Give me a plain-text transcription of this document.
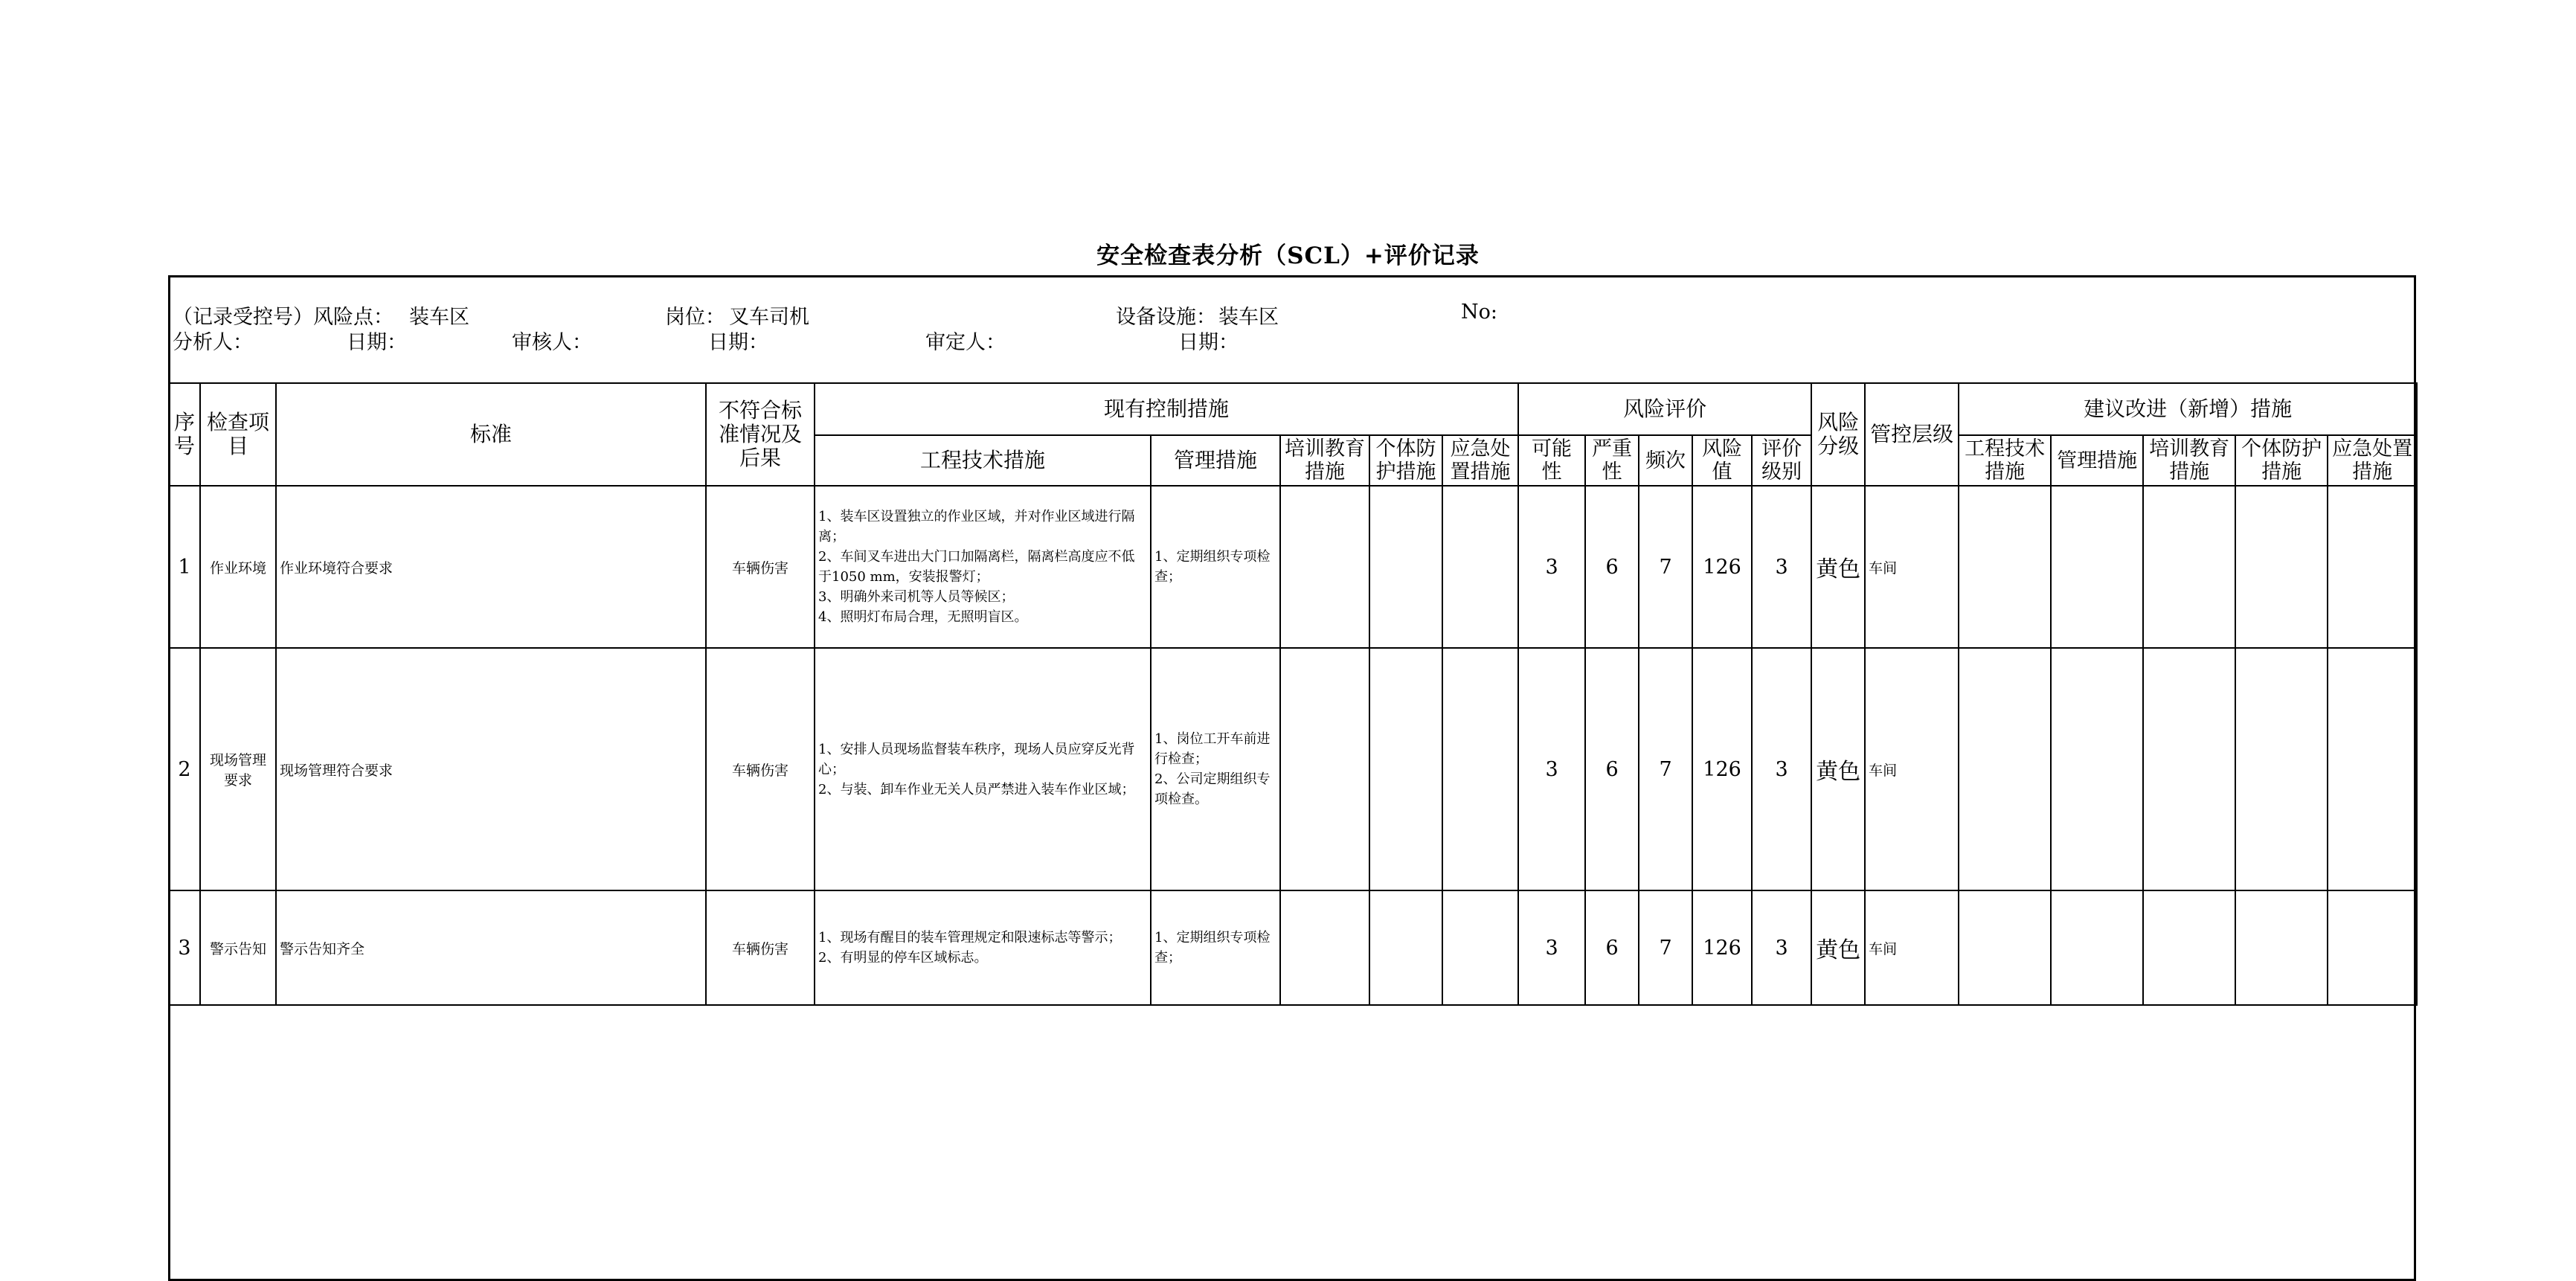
安全检查表分析（SCL）+评价记录
（记录受控号）风险点： 装车区	岗位： 叉车司机	设备设施： 装车区	No:
分析人：	日期：	审核人：	日期：	审定人：	日期：
序号	检查项目	标准	不符合标准情况及后果	现有控制措施					风险评价					风险分级	管控层级	建议改进（新增）措施				
				工程技术措施	管理措施	培训教育措施	个体防护措施	应急处置措施	可能性	严重性	频次	风险值	评价级别			工程技术措施	管理措施	培训教育措施	个体防护措施	应急处置措施
1	作业环境	作业环境符合要求	车辆伤害	1、装车区设置独立的作业区域，并对作业区域进行隔离；
2、车间叉车进出大门口加隔离栏，隔离栏高度应不低于1050 mm，安装报警灯；
3、明确外来司机等人员等候区；
4、照明灯布局合理，无照明盲区。	1、定期组织专项检查；				3	6	7	126	3	黄色	车间					
2	现场管理要求	现场管理符合要求	车辆伤害	1、安排人员现场监督装车秩序，现场人员应穿反光背心；
2、与装、卸车作业无关人员严禁进入装车作业区域；	1、岗位工开车前进行检查；
2、公司定期组织专项检查。				3	6	7	126	3	黄色	车间					
3	警示告知	警示告知齐全	车辆伤害	1、现场有醒目的装车管理规定和限速标志等警示；
2、有明显的停车区域标志。	1、定期组织专项检查；				3	6	7	126	3	黄色	车间					
